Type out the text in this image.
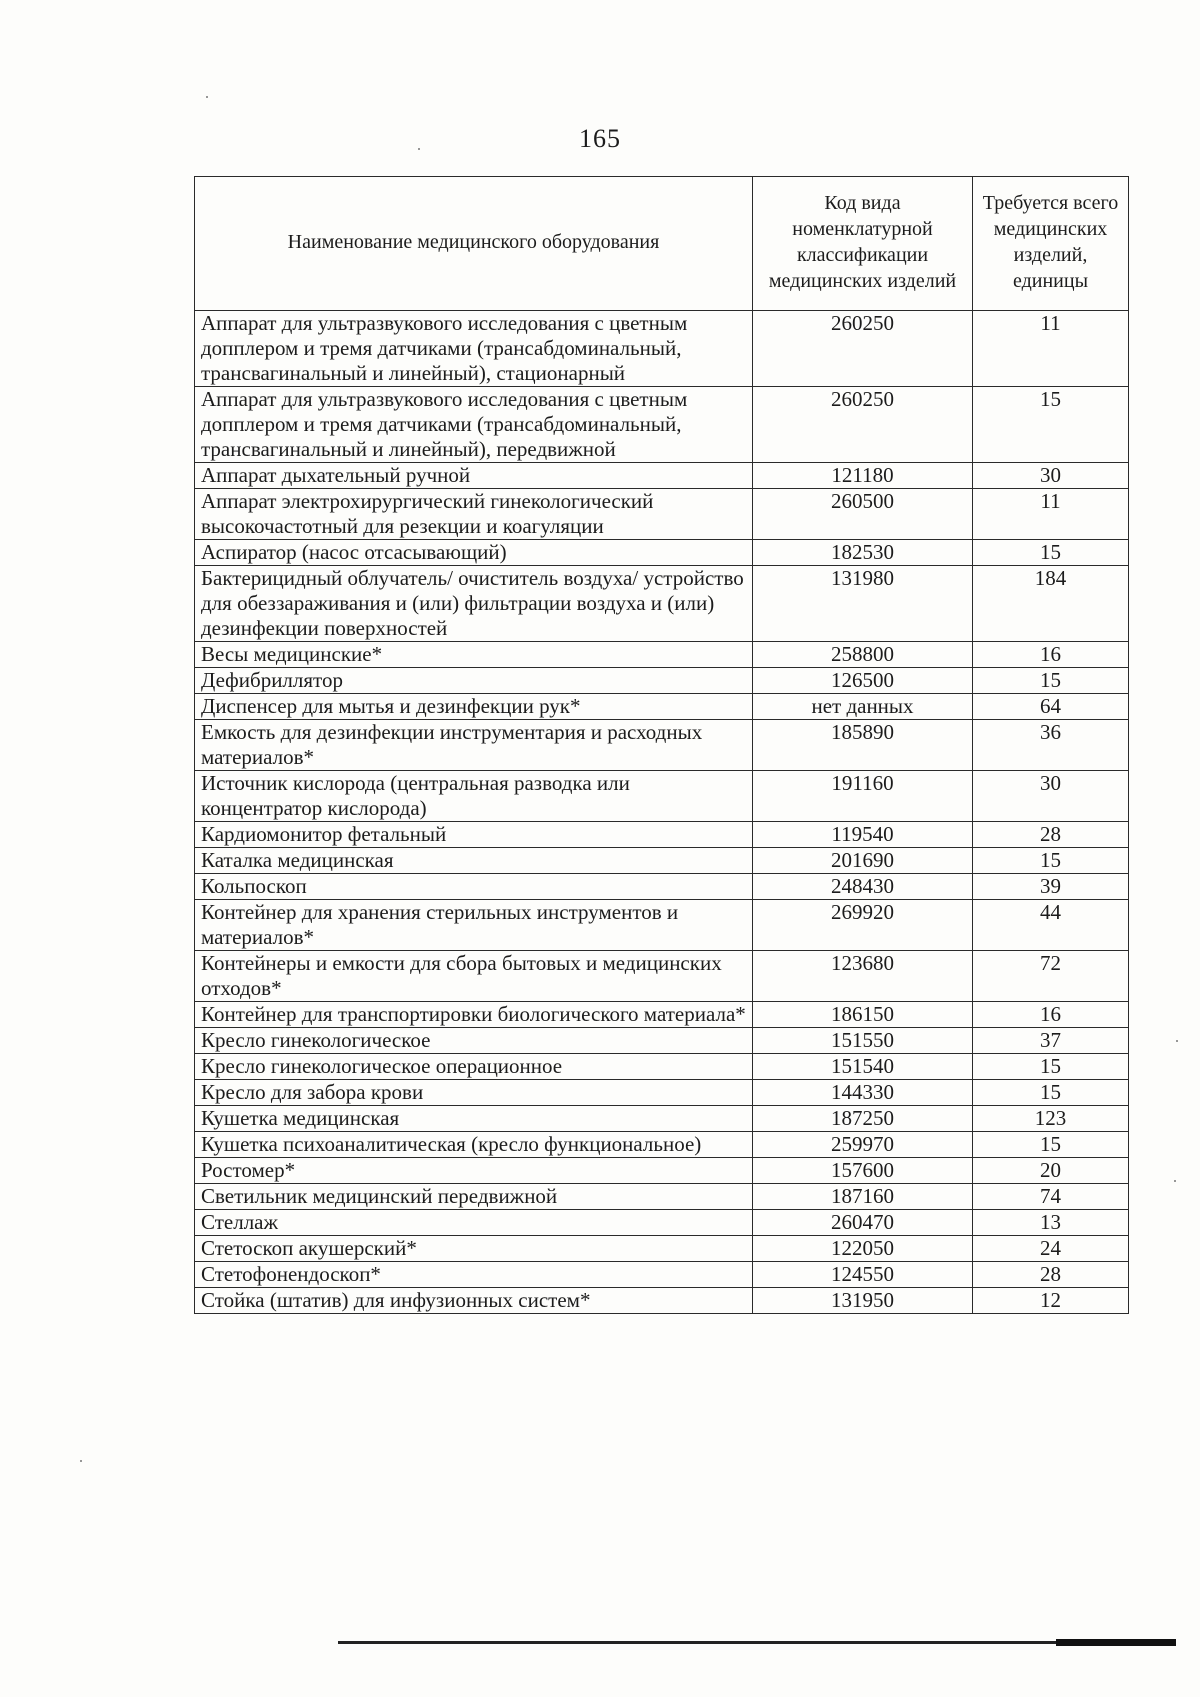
165
Наименование медицинского оборудования	Код вида номенклатурной классификации медицинских изделий	Требуется всего медицинских изделий, единицы
Аппарат для ультразвукового исследования с цветным допплером и тремя датчиками (трансабдоминальный, трансвагинальный и линейный), стационарный	260250	11
Аппарат для ультразвукового исследования с цветным допплером и тремя датчиками (трансабдоминальный, трансвагинальный и линейный), передвижной	260250	15
Аппарат дыхательный ручной	121180	30
Аппарат электрохирургический гинекологический высокочастотный для резекции и коагуляции	260500	11
Аспиратор (насос отсасывающий)	182530	15
Бактерицидный облучатель/ очиститель воздуха/ устройство для обеззараживания и (или) фильтрации воздуха и (или) дезинфекции поверхностей	131980	184
Весы медицинские*	258800	16
Дефибриллятор	126500	15
Диспенсер для мытья и дезинфекции рук*	нет данных	64
Емкость для дезинфекции инструментария и расходных материалов*	185890	36
Источник кислорода (центральная разводка или концентратор кислорода)	191160	30
Кардиомонитор фетальный	119540	28
Каталка медицинская	201690	15
Кольпоскоп	248430	39
Контейнер для хранения стерильных инструментов и материалов*	269920	44
Контейнеры и емкости для сбора бытовых и медицинских отходов*	123680	72
Контейнер для транспортировки биологического материала*	186150	16
Кресло гинекологическое	151550	37
Кресло гинекологическое операционное	151540	15
Кресло для забора крови	144330	15
Кушетка медицинская	187250	123
Кушетка психоаналитическая (кресло функциональное)	259970	15
Ростомер*	157600	20
Светильник медицинский передвижной	187160	74
Стеллаж	260470	13
Стетоскоп акушерский*	122050	24
Стетофонендоскоп*	124550	28
Стойка (штатив) для инфузионных систем*	131950	12
